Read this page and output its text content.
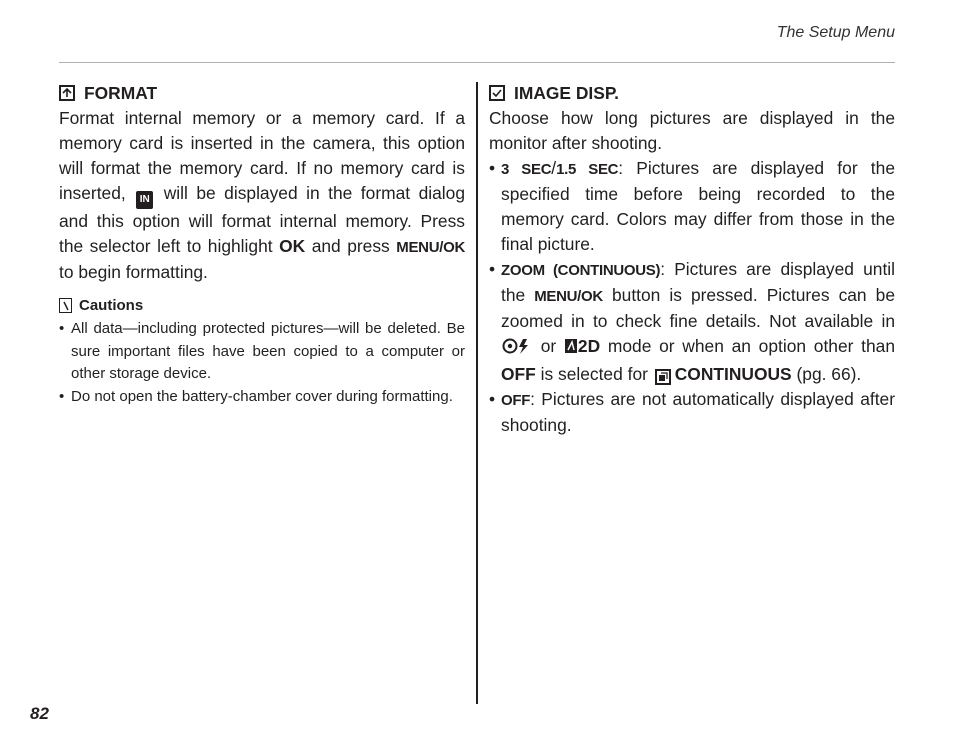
The Setup Menu
82
FORMAT

Format internal memory or a memory card. If a memory card is inserted in the camera, this option will format the memory card. If no memory card is inserted, IN will be displayed in the format dialog and this option will format internal memory. Press the selector left to highlight OK and press MENU/OK to begin formatting.

Cautions
• All data—including protected pictures—will be deleted. Be sure important files have been copied to a computer or other storage device.
• Do not open the battery-chamber cover during formatting.
IMAGE DISP.

Choose how long pictures are displayed in the monitor after shooting.

• 3 SEC/1.5 SEC: Pictures are displayed for the specified time before being recorded to the memory card. Colors may differ from those in the final picture.
• ZOOM (CONTINUOUS): Pictures are displayed until the MENU/OK button is pressed. Pictures can be zoomed in to check fine details. Not available in  or 2D mode or when an option other than OFF is selected for
CONTINUOUS (pg. 66).
• OFF: Pictures are not automatically displayed after shooting.
